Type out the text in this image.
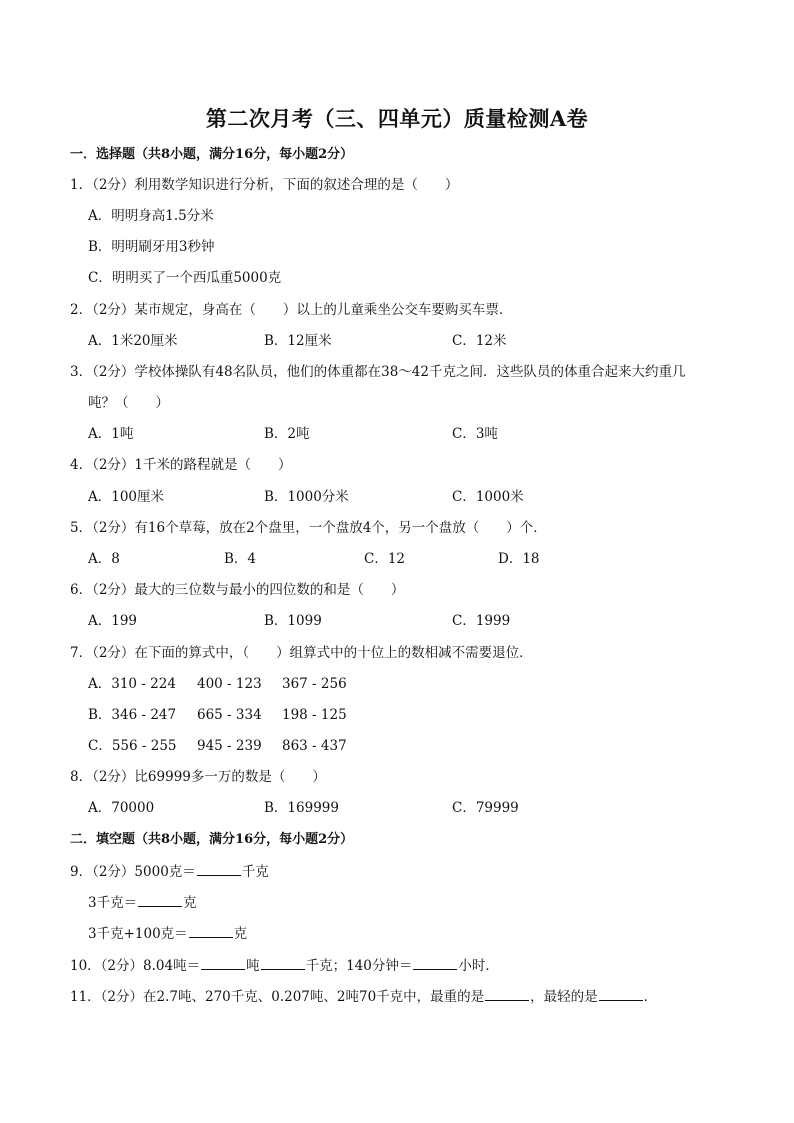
第二次月考（三、四单元）质量检测A卷
一．选择题（共8小题，满分16分，每小题2分）
1．（2分）利用数学知识进行分析，下面的叙述合理的是（　　）
A．明明身高1.5分米
B．明明刷牙用3秒钟
C．明明买了一个西瓜重5000克
2．（2分）某市规定，身高在（　　）以上的儿童乘坐公交车要购买车票．
A．1米20厘米	B．12厘米	C．12米
3．（2分）学校体操队有48名队员，他们的体重都在38～42千克之间．这些队员的体重合起来大约重几
吨？（　　）
A．1吨	B．2吨	C．3吨
4．（2分）1千米的路程就是（　　）
A．100厘米	B．1000分米	C．1000米
5．（2分）有16个草莓，放在2个盘里，一个盘放4个，另一个盘放（　　）个．
A．8	B．4	C．12	D．18
6．（2分）最大的三位数与最小的四位数的和是（　　）
A．199	B．1099	C．1999
7．（2分）在下面的算式中，（　　）组算式中的十位上的数相减不需要退位．
A．310 - 224 400 - 123 367 - 256
B．346 - 247 665 - 334 198 - 125
C．556 - 255 945 - 239 863 - 437
8．（2分）比69999多一万的数是（　　）
A．70000	B．169999	C．79999
二．填空题（共8小题，满分16分，每小题2分）
9．（2分）5000克＝	千克
3千克＝	克
3千克+100克＝	克
10．（2分）8.04吨＝	吨	千克；140分钟＝	小时．
11．（2分）在2.7吨、270千克、0.207吨、2吨70千克中，最重的是	，最轻的是	．
